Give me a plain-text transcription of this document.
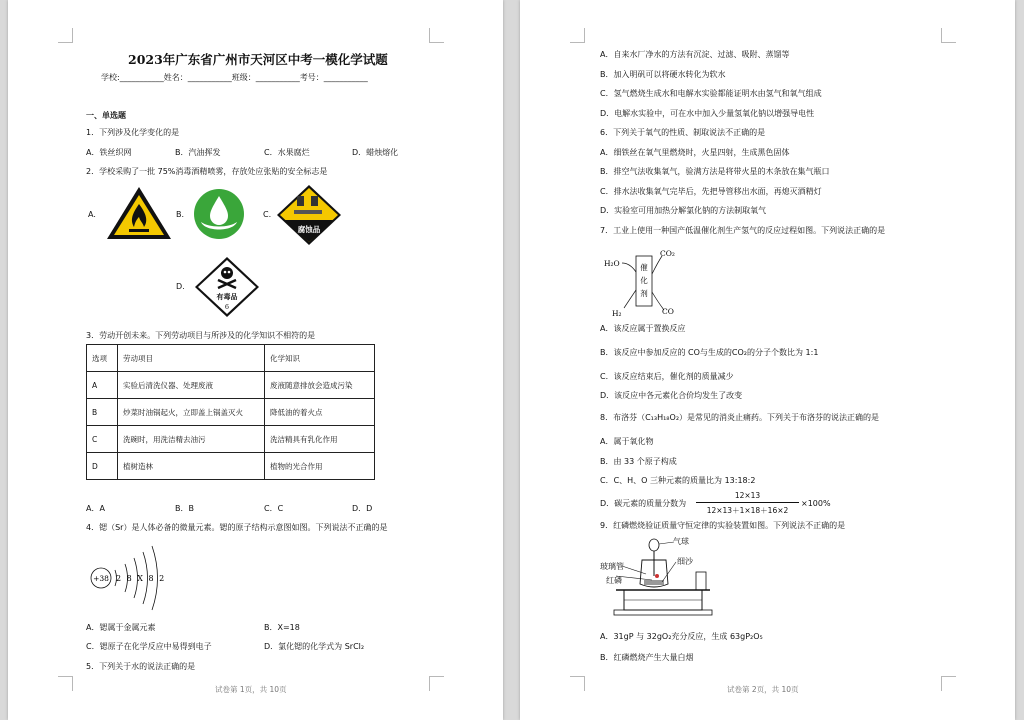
2023年广东省广州市天河区中考一模化学试题
学校:___________姓名：___________班级：___________考号：___________
一、单选题
1．下列涉及化学变化的是
A．铁丝织网	B．汽油挥发	C．水果腐烂	D．蜡烛熔化
2．学校采购了一批 75%消毒酒精喷雾，存放处应张贴的安全标志是
A.	B.	C.
D.
腐蚀品
有毒品
6
3．劳动开创未来。下列劳动项目与所涉及的化学知识不相符的是
选项	劳动项目	化学知识
A	实验后清洗仪器、处理废液	废液随意排放会造成污染
B	炒菜时油锅起火，立即盖上锅盖灭火	降低油的着火点
C	洗碗时，用洗洁精去油污	洗洁精具有乳化作用
D	植树造林	植物的光合作用
A．A	B．B	C．C	D．D
4．锶（Sr）是人体必备的微量元素。锶的原子结构示意图如图。下列说法不正确的是
+38 2 8 X 8 2
A．锶属于金属元素	B．X=18
C．锶原子在化学反应中易得到电子	D．氯化锶的化学式为 SrCl₂
5．下列关于水的说法正确的是
试卷第 1页，共 10页
A．自来水厂净水的方法有沉淀、过滤、吸附、蒸馏等
B．加入明矾可以将硬水转化为软水
C．氢气燃烧生成水和电解水实验都能证明水由氢气和氧气组成
D．电解水实验中，可在水中加入少量氢氧化钠以增强导电性
6．下列关于氧气的性质、制取说法不正确的是
A．细铁丝在氧气里燃烧时，火星四射，生成黑色固体
B．排空气法收集氧气，验满方法是将带火星的木条放在集气瓶口
C．排水法收集氧气完毕后，先把导管移出水面，再熄灭酒精灯
D．实验室可用加热分解氯化钠的方法制取氧气
7．工业上使用一种国产低温催化剂生产氢气的反应过程如图。下列说法正确的是
催
化
剂
H₂O
CO₂
H₂	CO
A．该反应属于置换反应
B．该反应中参加反应的 CO与生成的CO₂的分子个数比为 1:1
C．该反应结束后，催化剂的质量减少
D．该反应中各元素化合价均发生了改变
8．布洛芬（C₁₃H₁₈O₂）是常见的消炎止痛药。下列关于布洛芬的说法正确的是
A．属于氧化物
B．由 33 个原子构成
C．C、H、O 三种元素的质量比为 13:18:2
D．碳元素的质量分数为
12×13
12×13＋1×18＋16×2
×100%
9．红磷燃烧验证质量守恒定律的实验装置如图。下列说法不正确的是
气球
细沙
玻璃管
红磷
A．31gP 与 32gO₂充分反应，生成 63gP₂O₅
B．红磷燃烧产生大量白烟
试卷第 2页，共 10页
